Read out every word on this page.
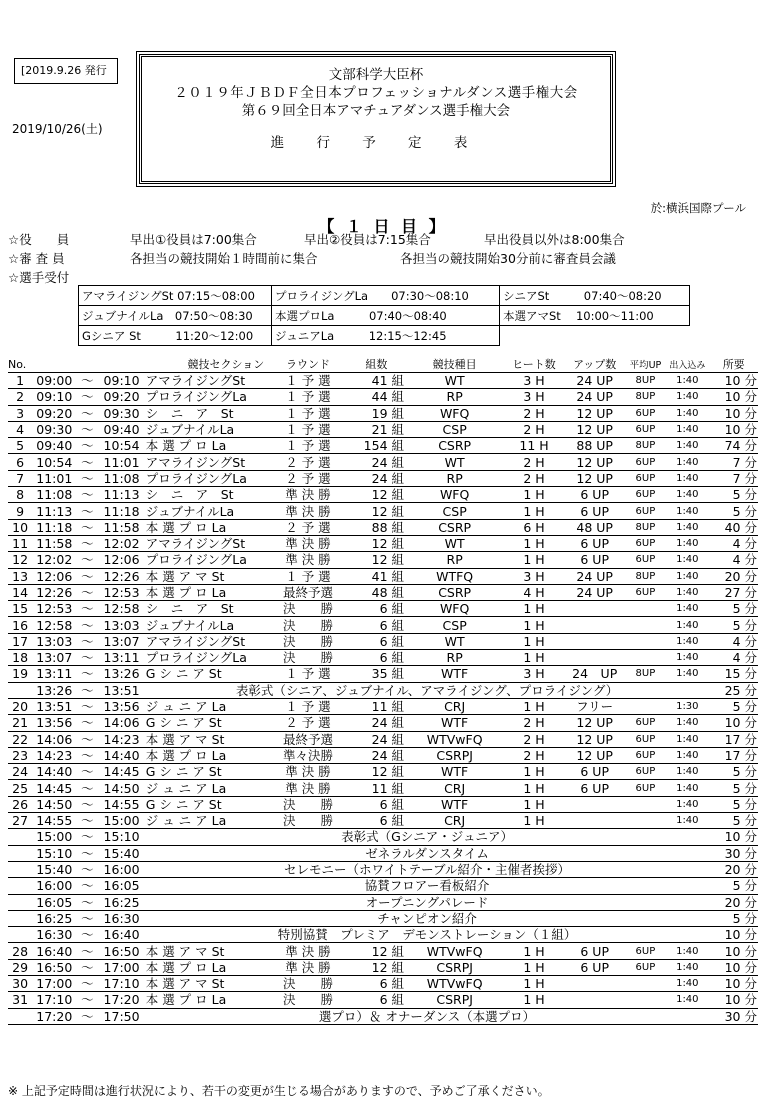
[2019.9.26 発行	文部科学大臣杯
２０１９年ＪＢＤＦ全日本プロフェッショナルダンス選手権大会
第６９回全日本アマチュアダンス選手権大会
進 行 予 定 表
2019/10/26(土)
於:横浜国際プール
【 １ 日 目 】
☆役　　員	早出①役員は7:00集合	早出②役員は7:15集合	早出役員以外は8:00集合
☆審 査 員	各担当の競技開始１時間前に集合	各担当の競技開始30分前に審査員会議
☆選手受付
アマライジングSt 07:15〜08:00	プロライジングLa　　07:30〜08:10	シニアSt　　　07:40〜08:20
ジュブナイルLa　07:50〜08:30	本選プロLa　　　07:40〜08:40	本選アマSt　 10:00〜11:00
Gシニア St　　　11:20〜12:00	ジュニアLa　　　12:15〜12:45	
No.	競技セクション				ラウンド	組数	競技種目	ヒート数	アップ数	平均UP	出入込み	所要
1	09:00	〜	09:10	アマライジングSt	１ 予 選	41 組	WT	3 H	24 UP	8UP	1:40	10 分
2	09:10	〜	09:20	プロライジングLa	１ 予 選	44 組	RP	3 H	24 UP	8UP	1:40	10 分
3	09:20	〜	09:30	シ　ニ　ア　St	１ 予 選	19 組	WFQ	2 H	12 UP	6UP	1:40	10 分
4	09:30	〜	09:40	ジュブナイルLa	１ 予 選	21 組	CSP	2 H	12 UP	6UP	1:40	10 分
5	09:40	〜	10:54	本 選 プ ロ La	１ 予 選	154 組	CSRP	11 H	88 UP	8UP	1:40	74 分
6	10:54	〜	11:01	アマライジングSt	２ 予 選	24 組	WT	2 H	12 UP	6UP	1:40	7 分
7	11:01	〜	11:08	プロライジングLa	２ 予 選	24 組	RP	2 H	12 UP	6UP	1:40	7 分
8	11:08	〜	11:13	シ　ニ　ア　St	準 決 勝	12 組	WFQ	1 H	6 UP	6UP	1:40	5 分
9	11:13	〜	11:18	ジュブナイルLa	準 決 勝	12 組	CSP	1 H	6 UP	6UP	1:40	5 分
10	11:18	〜	11:58	本 選 プ ロ La	２ 予 選	88 組	CSRP	6 H	48 UP	8UP	1:40	40 分
11	11:58	〜	12:02	アマライジングSt	準 決 勝	12 組	WT	1 H	6 UP	6UP	1:40	4 分
12	12:02	〜	12:06	プロライジングLa	準 決 勝	12 組	RP	1 H	6 UP	6UP	1:40	4 分
13	12:06	〜	12:26	本 選 ア マ St	１ 予 選	41 組	WTFQ	3 H	24 UP	8UP	1:40	20 分
14	12:26	〜	12:53	本 選 プ ロ La	最終予選	48 組	CSRP	4 H	24 UP	6UP	1:40	27 分
15	12:53	〜	12:58	シ　ニ　ア　St	決　　勝	6 組	WFQ	1 H			1:40	5 分
16	12:58	〜	13:03	ジュブナイルLa	決　　勝	6 組	CSP	1 H			1:40	5 分
17	13:03	〜	13:07	アマライジングSt	決　　勝	6 組	WT	1 H			1:40	4 分
18	13:07	〜	13:11	プロライジングLa	決　　勝	6 組	RP	1 H			1:40	4 分
19	13:11	〜	13:26	G シ ニ ア St	１ 予 選	35 組	WTF	3 H	24　UP	8UP	1:40	15 分
	13:26	〜	13:51	表彰式（シニア、ジュブナイル、アマライジング、プロライジング）								25 分
20	13:51	〜	13:56	ジ ュ ニ ア La	１ 予 選	11 組	CRJ	1 H	フリー		1:30	5 分
21	13:56	〜	14:06	G シ ニ ア St	２ 予 選	24 組	WTF	2 H	12 UP	6UP	1:40	10 分
22	14:06	〜	14:23	本 選 ア マ St	最終予選	24 組	WTVwFQ	2 H	12 UP	6UP	1:40	17 分
23	14:23	〜	14:40	本 選 プ ロ La	準々決勝	24 組	CSRPJ	2 H	12 UP	6UP	1:40	17 分
24	14:40	〜	14:45	G シ ニ ア St	準 決 勝	12 組	WTF	1 H	6 UP	6UP	1:40	5 分
25	14:45	〜	14:50	ジ ュ ニ ア La	準 決 勝	11 組	CRJ	1 H	6 UP	6UP	1:40	5 分
26	14:50	〜	14:55	G シ ニ ア St	決　　勝	6 組	WTF	1 H			1:40	5 分
27	14:55	〜	15:00	ジ ュ ニ ア La	決　　勝	6 組	CRJ	1 H			1:40	5 分
	15:00	〜	15:10	表彰式（Gシニア・ジュニア）								10 分
	15:10	〜	15:40	ゼネラルダンスタイム								30 分
	15:40	〜	16:00	セレモニー（ホワイトテーブル紹介・主催者挨拶）								20 分
	16:00	〜	16:05	協賛フロアー看板紹介								5 分
	16:05	〜	16:25	オープニングパレード								20 分
	16:25	〜	16:30	チャンピオン紹介								5 分
	16:30	〜	16:40	特別協賛　プレミア　デモンストレーション（１組）								10 分
28	16:40	〜	16:50	本 選 ア マ St	準 決 勝	12 組	WTVwFQ	1 H	6 UP	6UP	1:40	10 分
29	16:50	〜	17:00	本 選 プ ロ La	準 決 勝	12 組	CSRPJ	1 H	6 UP	6UP	1:40	10 分
30	17:00	〜	17:10	本 選 ア マ St	決　　勝	6 組	WTVwFQ	1 H			1:40	10 分
31	17:10	〜	17:20	本 選 プ ロ La	決　　勝	6 組	CSRPJ	1 H			1:40	10 分
	17:20	〜	17:50	選プロ）＆ オナーダンス（本選プロ）								30 分
※ 上記予定時間は進行状況により、若干の変更が生じる場合がありますので、予めご了承ください。
